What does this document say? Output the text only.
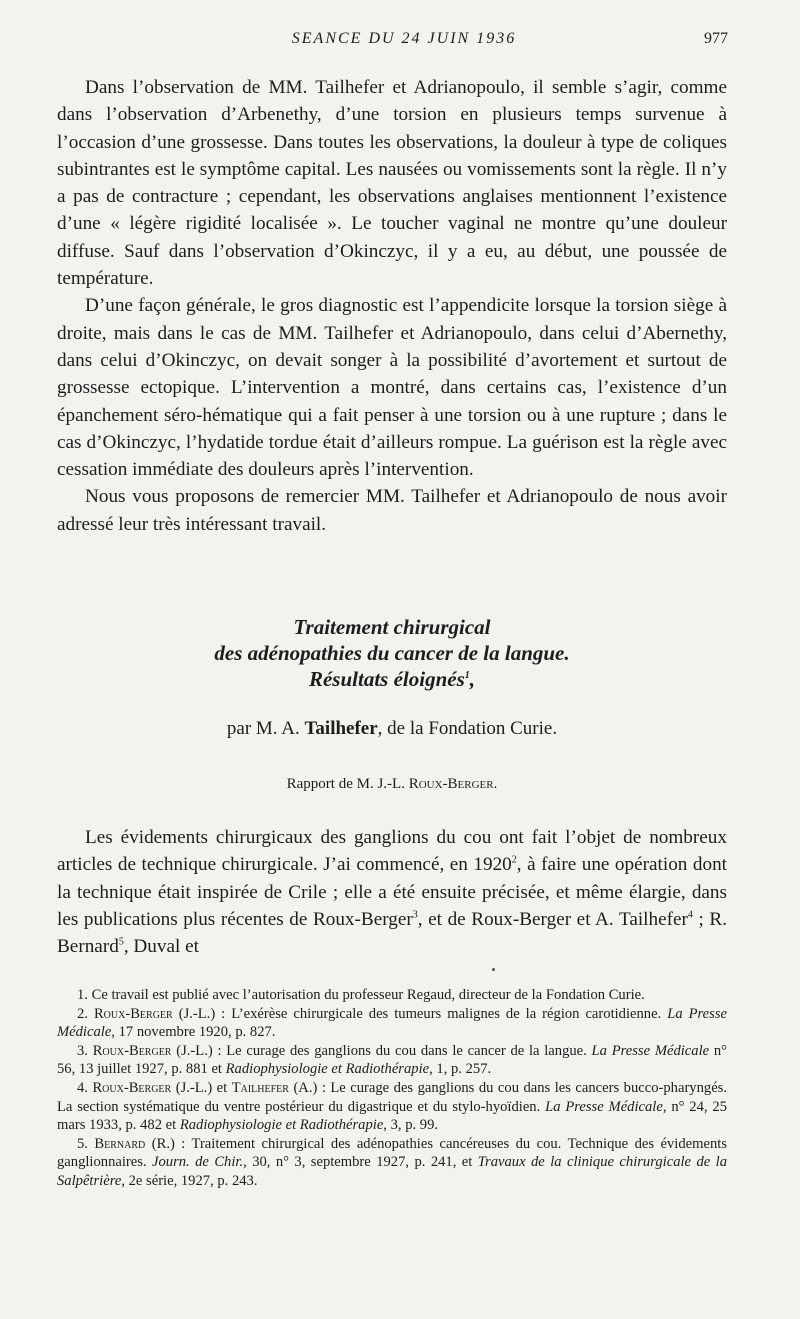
SEANCE DU 24 JUIN 1936	977

Dans l’observation de MM. Tailhefer et Adrianopoulo, il semble s’agir, comme dans l’observation d’Arbenethy, d’une torsion en plusieurs temps survenue à l’occasion d’une grossesse. Dans toutes les observations, la douleur à type de coliques subintrantes est le symptôme capital. Les nausées ou vomissements sont la règle. Il n’y a pas de contracture ; cependant, les observations anglaises mentionnent l’existence d’une « légère rigidité localisée ». Le toucher vaginal ne montre qu’une douleur diffuse. Sauf dans l’observation d’Okinczyc, il y a eu, au début, une poussée de température.

D’une façon générale, le gros diagnostic est l’appendicite lorsque la torsion siège à droite, mais dans le cas de MM. Tailhefer et Adrianopoulo, dans celui d’Abernethy, dans celui d’Okinczyc, on devait songer à la possibilité d’avortement et surtout de grossesse ectopique. L’intervention a montré, dans certains cas, l’existence d’un épanchement séro-hématique qui a fait penser à une torsion ou à une rupture ; dans le cas d’Okinczyc, l’hydatide tordue était d’ailleurs rompue. La guérison est la règle avec cessation immédiate des douleurs après l’intervention.

Nous vous proposons de remercier MM. Tailhefer et Adrianopoulo de nous avoir adressé leur très intéressant travail.

Traitement chirurgical
des adénopathies du cancer de la langue.
Résultats éloignés$^1$,
par M. A. Tailhefer, de la Fondation Curie.
Rapport de M. J.-L. Roux-Berger.

Les évidements chirurgicaux des ganglions du cou ont fait l’objet de nombreux articles de technique chirurgicale. J’ai commencé, en 1920$^2$, à faire une opération dont la technique était inspirée de Crile ; elle a été ensuite précisée, et même élargie, dans les publications plus récentes de Roux-Berger$^3$, et de Roux-Berger et A. Tailhefer$^4$ ; R. Bernard$^5$, Duval et

1. Ce travail est publié avec l’autorisation du professeur Regaud, directeur de la Fondation Curie.

2. Roux-Berger (J.-L.) : L’exérèse chirurgicale des tumeurs malignes de la région carotidienne. La Presse Médicale, 17 novembre 1920, p. 827.

3. Roux-Berger (J.-L.) : Le curage des ganglions du cou dans le cancer de la langue. La Presse Médicale n° 56, 13 juillet 1927, p. 881 et Radiophysiologie et Radiothérapie, 1, p. 257.

4. Roux-Berger (J.-L.) et Tailhefer (A.) : Le curage des ganglions du cou dans les cancers bucco-pharyngés. La section systématique du ventre postérieur du digastrique et du stylo-hyoïdien. La Presse Médicale, n° 24, 25 mars 1933, p. 482 et Radiophysiologie et Radiothérapie, 3, p. 99.

5. Bernard (R.) : Traitement chirurgical des adénopathies cancéreuses du cou. Technique des évidements ganglionnaires. Journ. de Chir., 30, n° 3, septembre 1927, p. 241, et Travaux de la clinique chirurgicale de la Salpêtrière, 2e série, 1927, p. 243.
